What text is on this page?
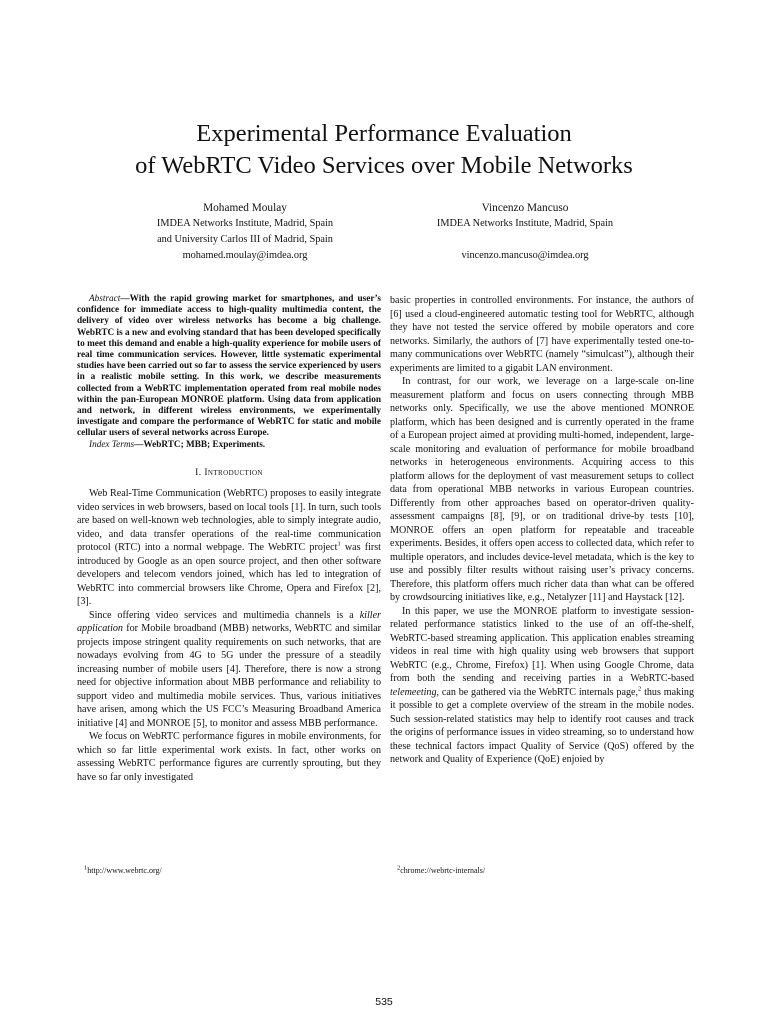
Experimental Performance Evaluation
of WebRTC Video Services over Mobile Networks
Mohamed Moulay
IMDEA Networks Institute, Madrid, Spain
and University Carlos III of Madrid, Spain
mohamed.moulay@imdea.org
Vincenzo Mancuso
IMDEA Networks Institute, Madrid, Spain
vincenzo.mancuso@imdea.org

Abstract—With the rapid growing market for smartphones, and user’s confidence for immediate access to high-quality multimedia content, the delivery of video over wireless networks has become a big challenge. WebRTC is a new and evolving standard that has been developed specifically to meet this demand and enable a high-quality experience for mobile users of real time communication services. However, little systematic experimental studies have been carried out so far to assess the service experienced by users in a realistic mobile setting. In this work, we describe measurements collected from a WebRTC implementation operated from real mobile nodes within the pan-European MONROE platform. Using data from application and network, in different wireless environments, we experimentally investigate and compare the performance of WebRTC for static and mobile cellular users of several networks across Europe.

Index Terms—WebRTC; MBB; Experiments.

I. Introduction

Web Real-Time Communication (WebRTC) proposes to easily integrate video services in web browsers, based on local tools [1]. In turn, such tools are based on well-known web technologies, able to simply integrate audio, video, and data transfer operations of the real-time communication protocol (RTC) into a normal webpage. The WebRTC project$^1$ was first introduced by Google as an open source project, and then other software developers and telecom vendors joined, which has led to integration of WebRTC into commercial browsers like Chrome, Opera and Firefox [2], [3].

Since offering video services and multimedia channels is a killer application for Mobile broadband (MBB) networks, WebRTC and similar projects impose stringent quality requirements on such networks, that are nowadays evolving from 4G to 5G under the pressure of a steadily increasing number of mobile users [4]. Therefore, there is now a strong need for objective information about MBB performance and reliability to support video and multimedia mobile services. Thus, various initiatives have arisen, among which the US FCC’s Measuring Broadband America initiative [4] and MONROE [5], to monitor and assess MBB performance.

We focus on WebRTC performance figures in mobile environments, for which so far little experimental work exists. In fact, other works on assessing WebRTC performance figures are currently sprouting, but they have so far only investigated

basic properties in controlled environments. For instance, the authors of [6] used a cloud-engineered automatic testing tool for WebRTC, although they have not tested the service offered by mobile operators and core networks. Similarly, the authors of [7] have experimentally tested one-to-many communications over WebRTC (namely “simulcast”), although their experiments are limited to a gigabit LAN environment.

In contrast, for our work, we leverage on a large-scale on-line measurement platform and focus on users connecting through MBB networks only. Specifically, we use the above mentioned MONROE platform, which has been designed and is currently operated in the frame of a European project aimed at providing multi-homed, independent, large-scale monitoring and evaluation of performance for mobile broadband networks in heterogeneous environments. Acquiring access to this platform allows for the deployment of vast measurement setups to collect data from operational MBB networks in various European countries. Differently from other approaches based on operator-driven quality-assessment campaigns [8], [9], or on traditional drive-by tests [10], MONROE offers an open platform for repeatable and traceable experiments. Besides, it offers open access to collected data, which refer to multiple operators, and includes device-level metadata, which is the key to use and possibly filter results without raising user’s privacy concerns. Therefore, this platform offers much richer data than what can be offered by crowdsourcing initiatives like, e.g., Netalyzer [11] and Haystack [12].

In this paper, we use the MONROE platform to investigate session-related performance statistics linked to the use of an off-the-shelf, WebRTC-based streaming application. This application enables streaming videos in real time with high quality using web browsers that support WebRTC (e.g., Chrome, Firefox) [1]. When using Google Chrome, data from both the sending and receiving parties in a WebRTC-based telemeeting, can be gathered via the WebRTC internals page,$^2$ thus making it possible to get a complete overview of the stream in the mobile nodes. Such session-related statistics may help to identify root causes and track the origins of performance issues in video streaming, so to understand how these technical factors impact Quality of Service (QoS) offered by the network and Quality of Experience (QoE) enjoied by

$^1$http://www.webrtc.org/	$^2$chrome://webrtc-internals/
535
